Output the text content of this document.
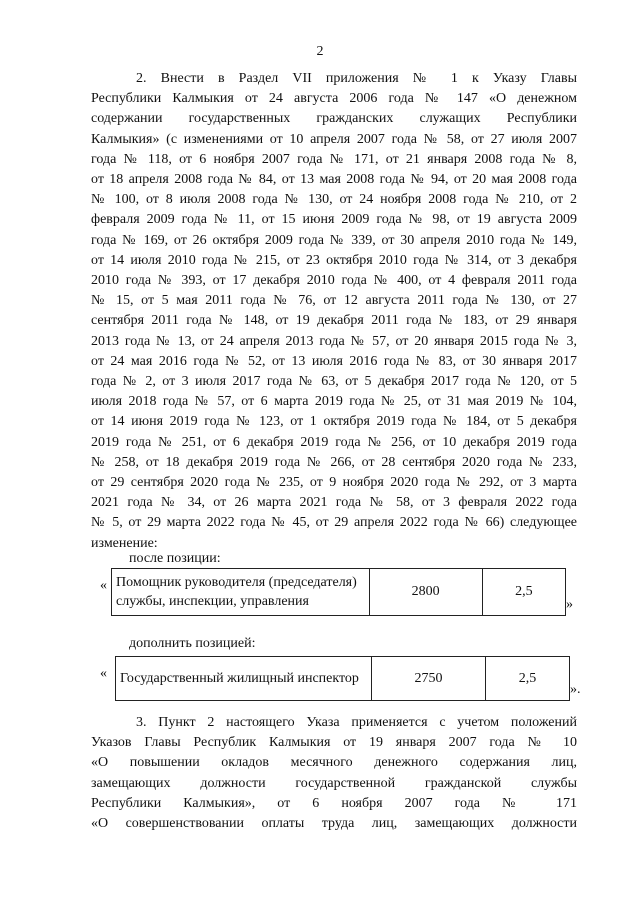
2
2. Внести в Раздел VII приложения № 1 к Указу Главы
Республики Калмыкия от 24 августа 2006 года № 147 «О денежном
содержании государственных гражданских служащих Республики
Калмыкия» (с изменениями от 10 апреля 2007 года № 58, от 27 июля 2007
года № 118, от 6 ноября 2007 года № 171, от 21 января 2008 года № 8,
от 18 апреля 2008 года № 84, от 13 мая 2008 года № 94, от 20 мая 2008 года
№ 100, от 8 июля 2008 года № 130, от 24 ноября 2008 года № 210, от 2
февраля 2009 года № 11, от 15 июня 2009 года № 98, от 19 августа 2009
года № 169, от 26 октября 2009 года № 339, от 30 апреля 2010 года № 149,
от 14 июля 2010 года № 215, от 23 октября 2010 года № 314, от 3 декабря
2010 года № 393, от 17 декабря 2010 года № 400, от 4 февраля 2011 года
№ 15, от 5 мая 2011 года № 76, от 12 августа 2011 года № 130, от 27
сентября 2011 года № 148, от 19 декабря 2011 года № 183, от 29 января
2013 года № 13, от 24 апреля 2013 года № 57, от 20 января 2015 года № 3,
от 24 мая 2016 года № 52, от 13 июля 2016 года № 83, от 30 января 2017
года № 2, от 3 июля 2017 года № 63, от 5 декабря 2017 года № 120, от 5
июля 2018 года № 57, от 6 марта 2019 года № 25, от 31 мая 2019 № 104,
от 14 июня 2019 года № 123, от 1 октября 2019 года № 184, от 5 декабря
2019 года № 251, от 6 декабря 2019 года № 256, от 10 декабря 2019 года
№ 258, от 18 декабря 2019 года № 266, от 28 сентября 2020 года № 233,
от 29 сентября 2020 года № 235, от 9 ноября 2020 года № 292, от 3 марта
2021 года № 34, от 26 марта 2021 года № 58, от 3 февраля 2022 года
№ 5, от 29 марта 2022 года № 45, от 29 апреля 2022 года № 66) следующее
изменение:
после позиции:
« Помощник руководителя (председателя)
службы, инспекции, управления
	2800	2,5
»
дополнить позицией:
« Государственный жилищный инспектор	2750	2,5
».
3. Пункт 2 настоящего Указа применяется с учетом положений
Указов Главы Республик Калмыкия от 19 января 2007 года № 10
«О повышении окладов месячного денежного содержания лиц,
замещающих должности государственной гражданской службы
Республики Калмыкия», от 6 ноября 2007 года № 171
«О совершенствовании оплаты труда лиц, замещающих должности
